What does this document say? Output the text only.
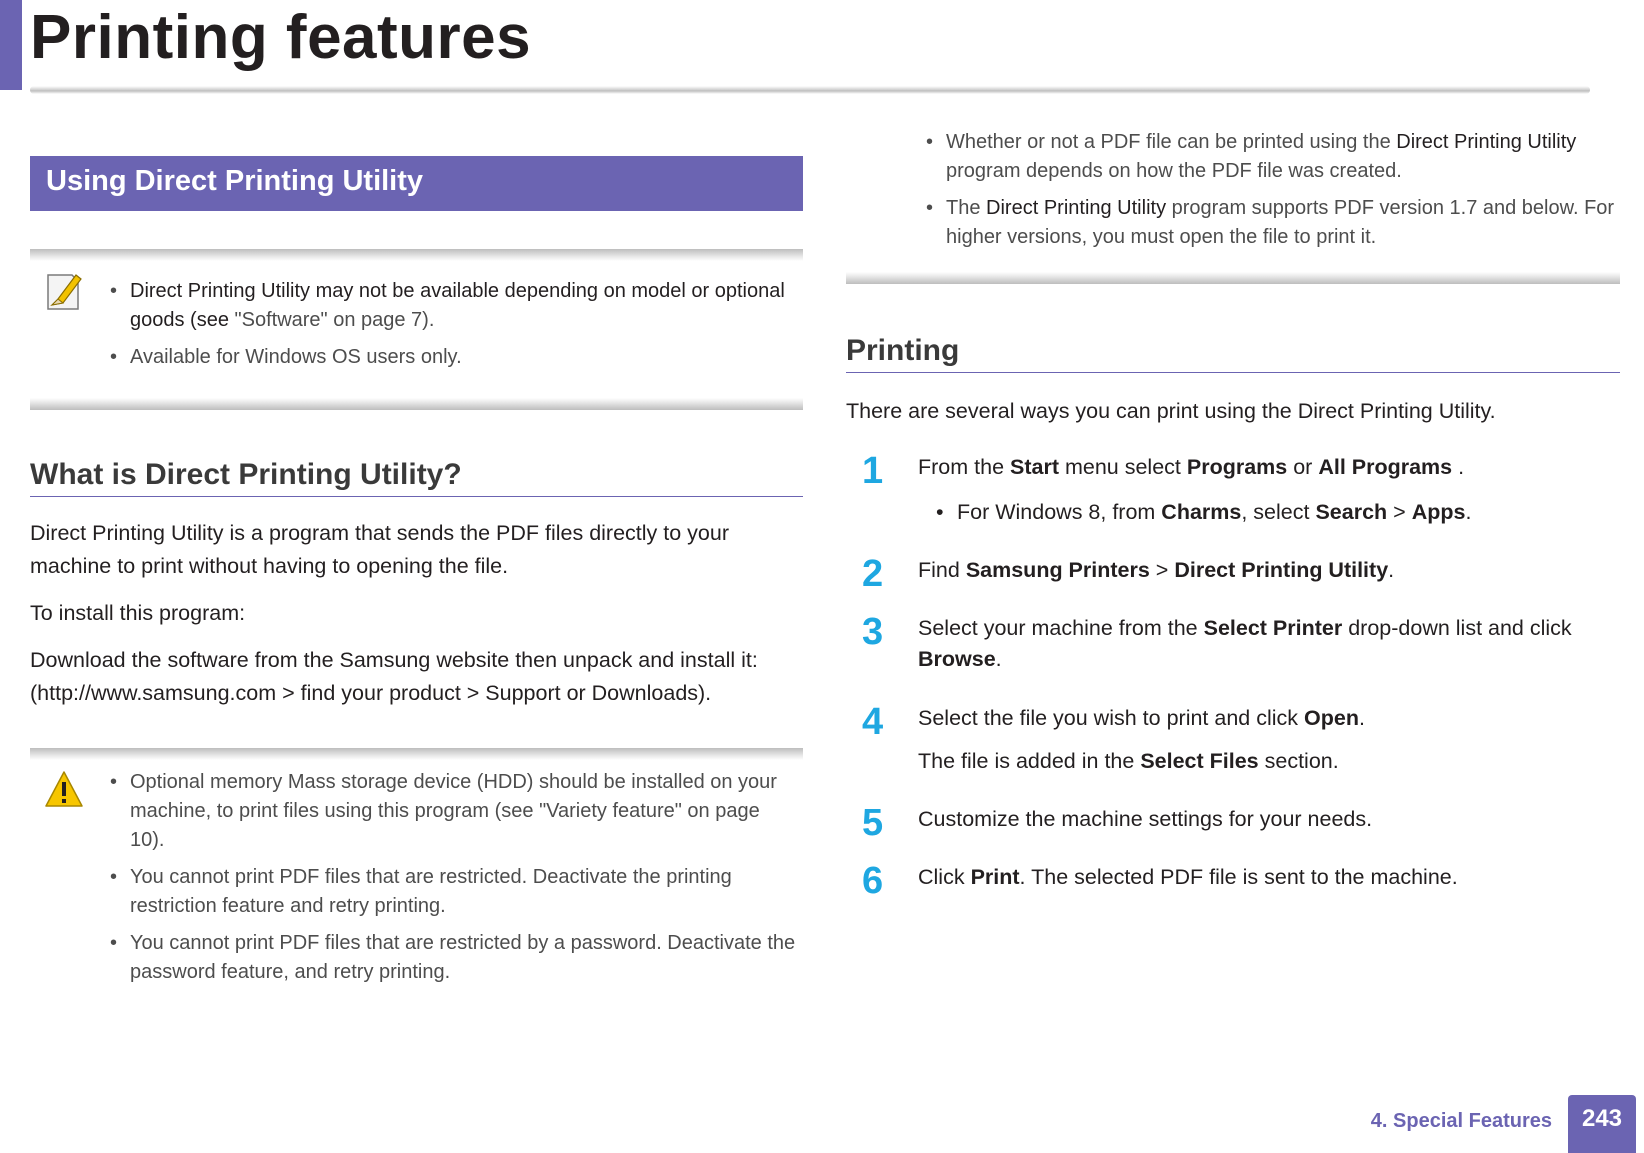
Printing features
Using Direct Printing Utility
• Direct Printing Utility may not be available depending on model or optional goods (see "Software" on page 7).
• Available for Windows OS users only.
What is Direct Printing Utility?

Direct Printing Utility is a program that sends the PDF files directly to your machine to print without having to opening the file.

To install this program:

Download the software from the Samsung website then unpack and install it: (http://www.samsung.com > find your product > Support or Downloads).

• Optional memory Mass storage device (HDD) should be installed on your machine, to print files using this program (see "Variety feature" on page 10).
• You cannot print PDF files that are restricted. Deactivate the printing restriction feature and retry printing.
• You cannot print PDF files that are restricted by a password. Deactivate the password feature, and retry printing.
• Whether or not a PDF file can be printed using the Direct Printing Utility program depends on how the PDF file was created.
• The Direct Printing Utility program supports PDF version 1.7 and below. For higher versions, you must open the file to print it.
Printing

There are several ways you can print using the Direct Printing Utility.

1 From the Start menu select Programs or All Programs .
• For Windows 8, from Charms, select Search > Apps.
2 Find Samsung Printers > Direct Printing Utility.
3 Select your machine from the Select Printer drop-down list and click Browse.
4 Select the file you wish to print and click Open.
The file is added in the Select Files section.
5 Customize the machine settings for your needs.
6 Click Print. The selected PDF file is sent to the machine.
4. Special Features	243
